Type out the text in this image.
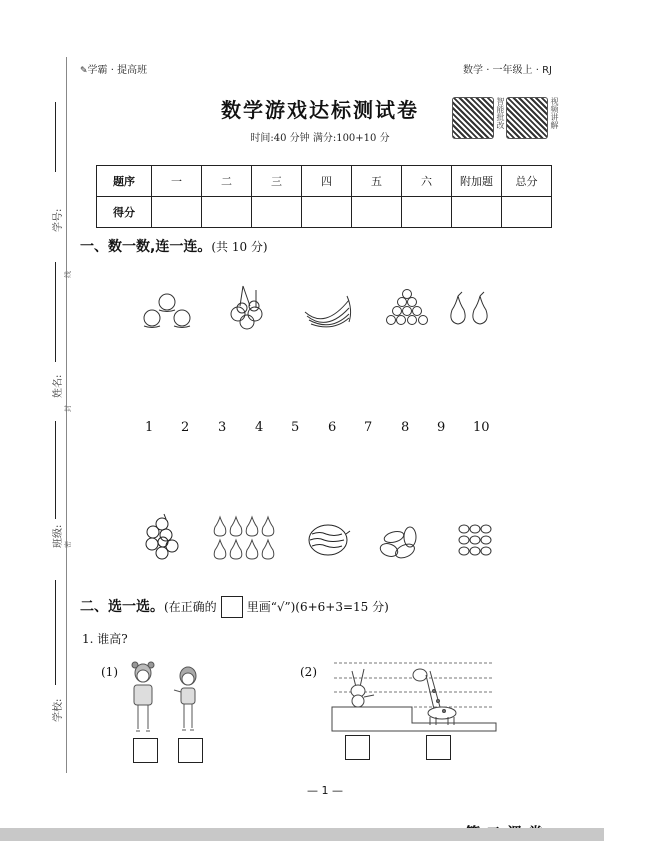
学号:
线
姓名:
封
班级: 密
学校:
✎学霸 · 提高班	数学 · 一年级上 · RJ
数学游戏达标测试卷
时间:40 分钟 满分:100+10 分
智能批改	视频讲解
题序	一	二	三	四	五	六	附加题	总分
得分								
一、数一数,连一连。(共 10 分)
1 2 3 4 5 6 7 8 9 10
二、选一选。(在正确的	里画“√”)(6+6+3=15 分)
1. 谁高?
(1)	(2)
— 1 —
